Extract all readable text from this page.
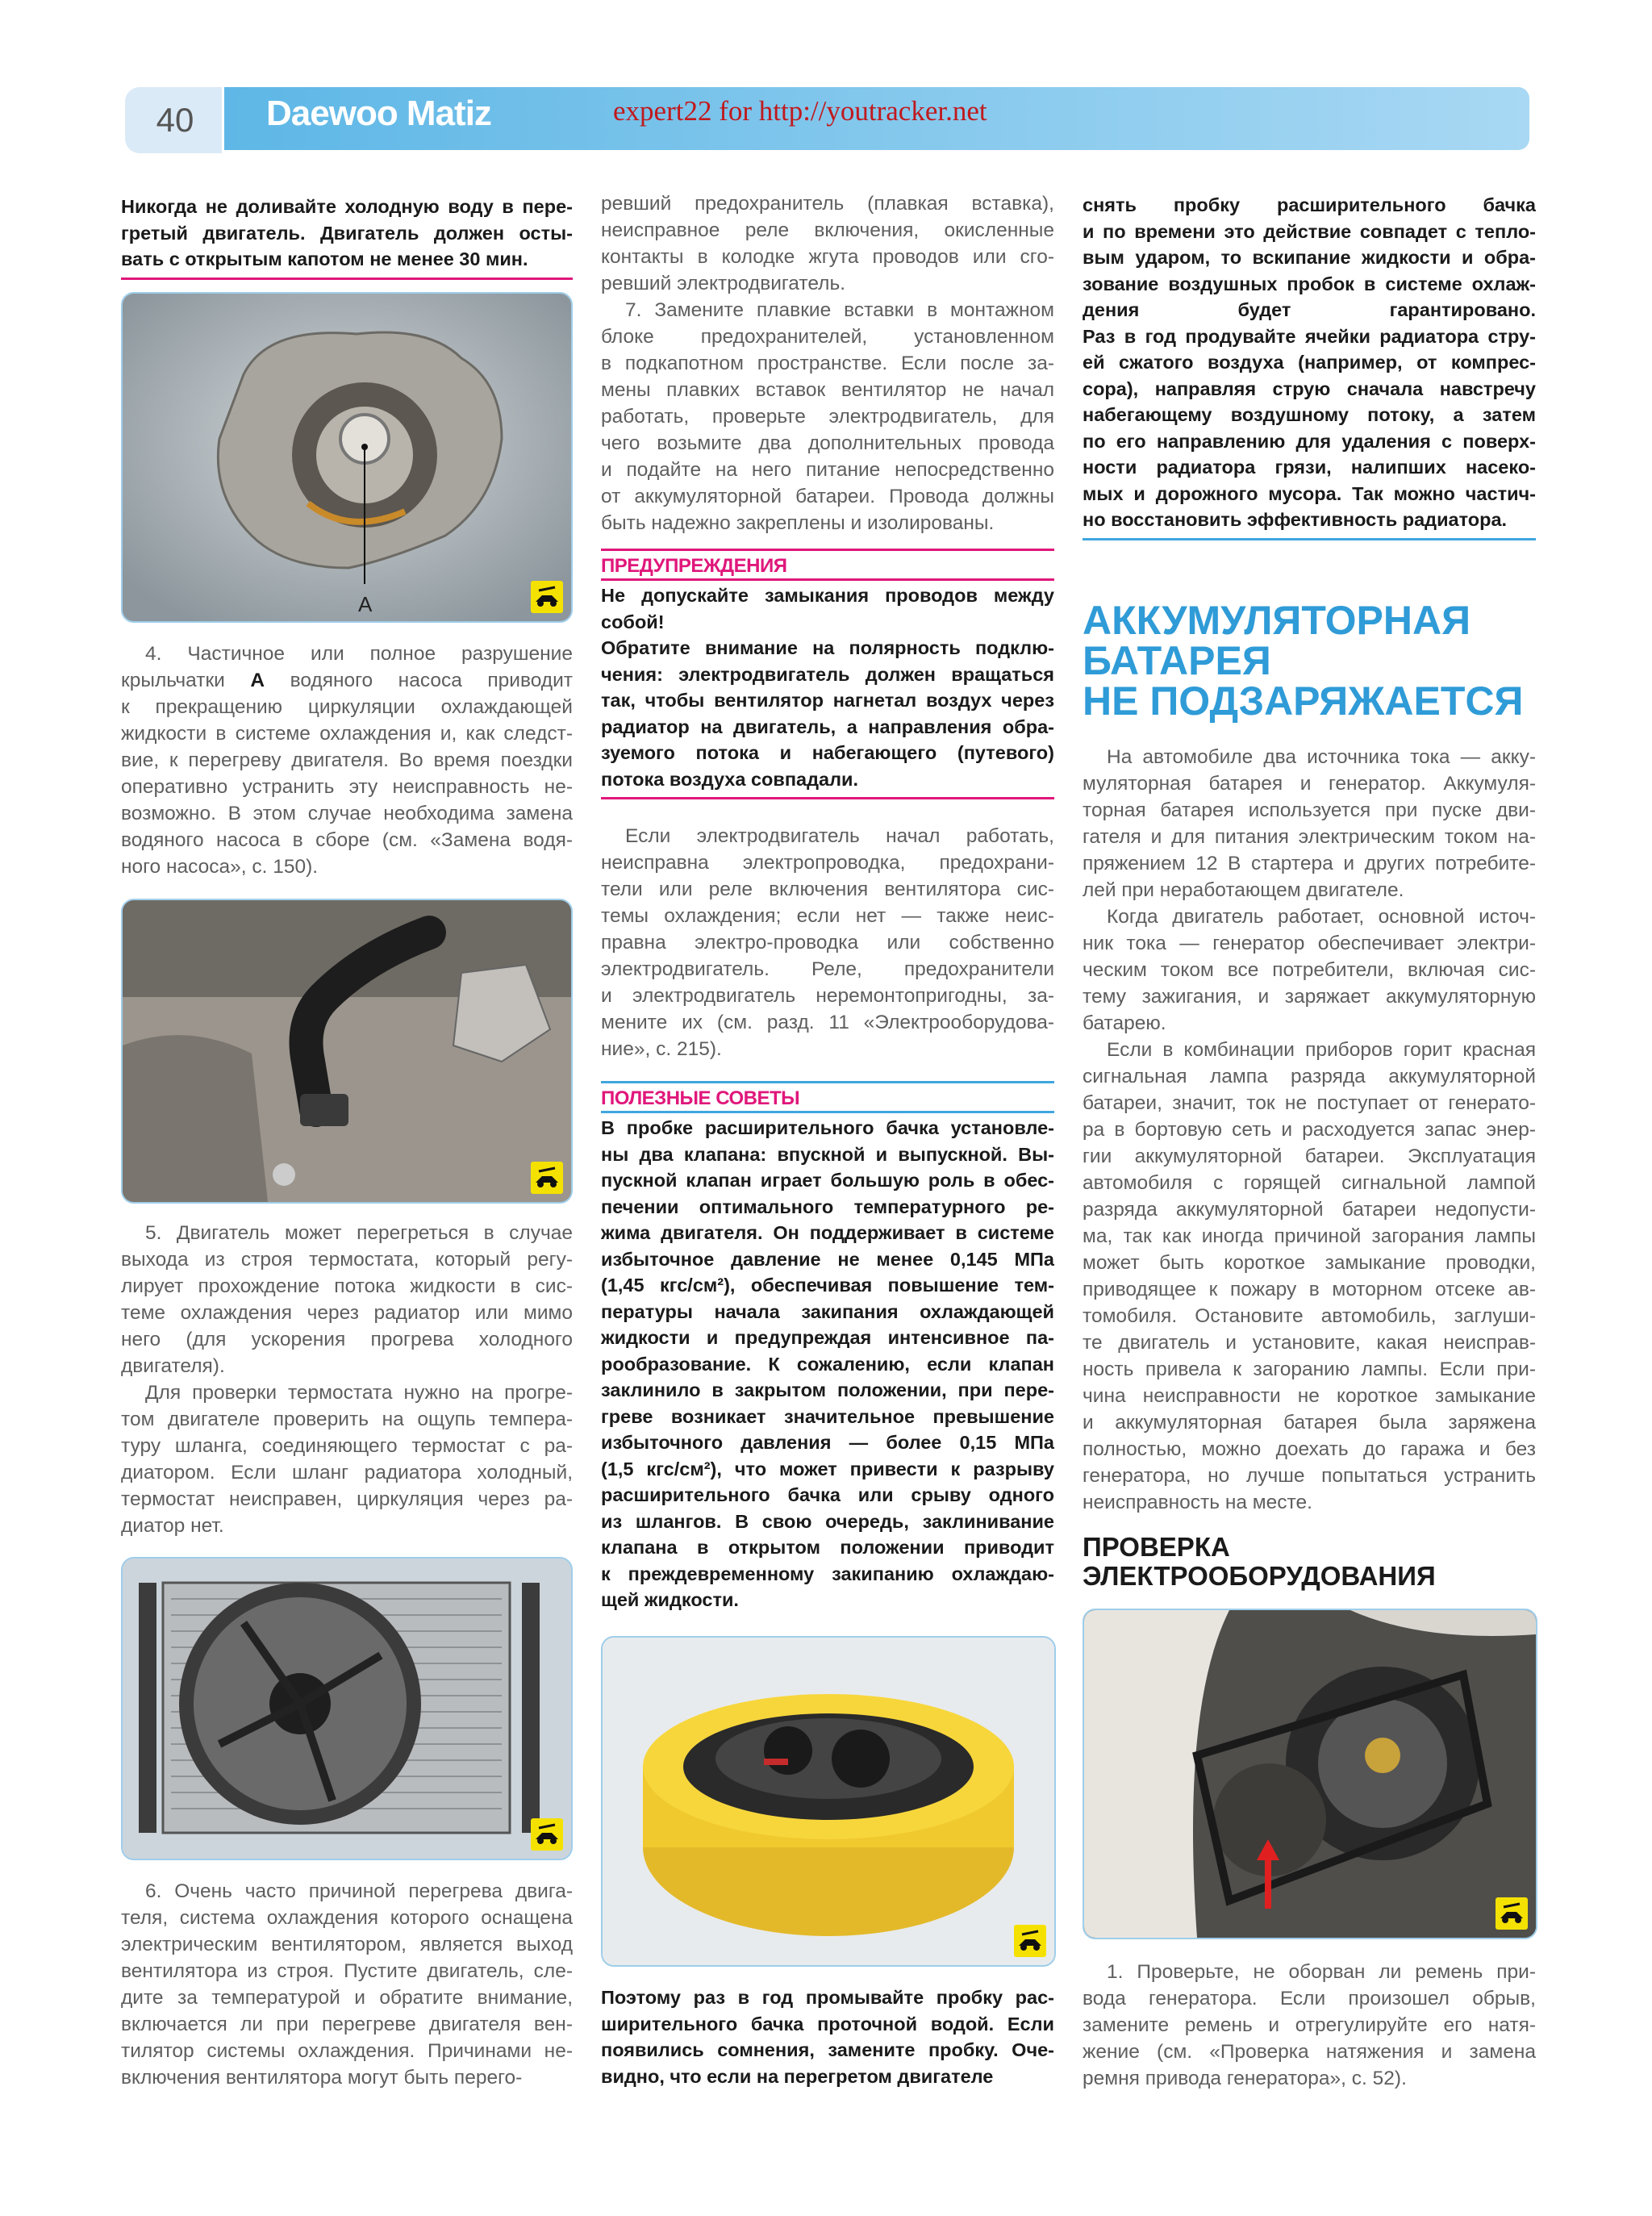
40	Daewoo Matiz	expert22 for http://youtracker.net
Никогда не доливайте холодную воду в пере-
гретый двигатель. Двигатель должен осты-
вать с открытым капотом не менее 30 мин.
A
4. Частичное или полное разрушение
крыльчатки A водяного насоса приводит
к прекращению циркуляции охлаждающей
жидкости в системе охлаждения и, как следст-
вие, к перегреву двигателя. Во время поездки
оперативно устранить эту неисправность не-
возможно. В этом случае необходима замена
водяного насоса в сборе (см. «Замена водя-
ного насоса», с. 150).
5. Двигатель может перегреться в случае
выхода из строя термостата, который регу-
лирует прохождение потока жидкости в сис-
теме охлаждения через радиатор или мимо
него (для ускорения прогрева холодного
двигателя).
Для проверки термостата нужно на прогре-
том двигателе проверить на ощупь темпера-
туру шланга, соединяющего термостат с ра-
диатором. Если шланг радиатора холодный,
термостат неисправен, циркуляция через ра-
диатор нет.
6. Очень часто причиной перегрева двига-
теля, система охлаждения которого оснащена
электрическим вентилятором, является выход
вентилятора из строя. Пустите двигатель, сле-
дите за температурой и обратите внимание,
включается ли при перегреве двигателя вен-
тилятор системы охлаждения. Причинами не-
включения вентилятора могут быть перего-
ревший предохранитель (плавкая вставка),
неисправное реле включения, окисленные
контакты в колодке жгута проводов или сго-
ревший электродвигатель.
7. Замените плавкие вставки в монтажном
блоке предохранителей, установленном
в подкапотном пространстве. Если после за-
мены плавких вставок вентилятор не начал
работать, проверьте электродвигатель, для
чего возьмите два дополнительных провода
и подайте на него питание непосредственно
от аккумуляторной батареи. Провода должны
быть надежно закреплены и изолированы.
ПРЕДУПРЕЖДЕНИЯ
Не допускайте замыкания проводов между
собой!
Обратите внимание на полярность подклю-
чения: электродвигатель должен вращаться
так, чтобы вентилятор нагнетал воздух через
радиатор на двигатель, а направления обра-
зуемого потока и набегающего (путевого)
потока воздуха совпадали.
Если электродвигатель начал работать,
неисправна электропроводка, предохрани-
тели или реле включения вентилятора сис-
темы охлаждения; если нет — также неис-
правна электро-проводка или собственно
электродвигатель. Реле, предохранители
и электродвигатель неремонтопригодны, за-
мените их (см. разд. 11 «Электрооборудова-
ние», с. 215).
ПОЛЕЗНЫЕ СОВЕТЫ
В пробке расширительного бачка установле-
ны два клапана: впускной и выпускной. Вы-
пускной клапан играет большую роль в обес-
печении оптимального температурного ре-
жима двигателя. Он поддерживает в системе
избыточное давление не менее 0,145 МПа
(1,45 кгс/см²), обеспечивая повышение тем-
пературы начала закипания охлаждающей
жидкости и предупреждая интенсивное па-
рообразование. К сожалению, если клапан
заклинило в закрытом положении, при пере-
греве возникает значительное превышение
избыточного давления — более 0,15 МПа
(1,5 кгс/см²), что может привести к разрыву
расширительного бачка или срыву одного
из шлангов. В свою очередь, заклинивание
клапана в открытом положении приводит
к преждевременному закипанию охлаждаю-
щей жидкости.
Поэтому раз в год промывайте пробку рас-
ширительного бачка проточной водой. Если
появились сомнения, замените пробку. Оче-
видно, что если на перегретом двигателе
снять пробку расширительного бачка
и по времени это действие совпадет с тепло-
вым ударом, то вскипание жидкости и обра-
зование воздушных пробок в системе охлаж-
дения будет гарантировано.
Раз в год продувайте ячейки радиатора стру-
ей сжатого воздуха (например, от компрес-
сора), направляя струю сначала навстречу
набегающему воздушному потоку, а затем
по его направлению для удаления с поверх-
ности радиатора грязи, налипших насеко-
мых и дорожного мусора. Так можно частич-
но восстановить эффективность радиатора.
АККУМУЛЯТОРНАЯ
БАТАРЕЯ
НЕ ПОДЗАРЯЖАЕТСЯ
На автомобиле два источника тока — акку-
муляторная батарея и генератор. Аккумуля-
торная батарея используется при пуске дви-
гателя и для питания электрическим током на-
пряжением 12 В стартера и других потребите-
лей при неработающем двигателе.
Когда двигатель работает, основной источ-
ник тока — генератор обеспечивает электри-
ческим током все потребители, включая сис-
тему зажигания, и заряжает аккумуляторную
батарею.
Если в комбинации приборов горит красная
сигнальная лампа разряда аккумуляторной
батареи, значит, ток не поступает от генерато-
ра в бортовую сеть и расходуется запас энер-
гии аккумуляторной батареи. Эксплуатация
автомобиля с горящей сигнальной лампой
разряда аккумуляторной батареи недопусти-
ма, так как иногда причиной загорания лампы
может быть короткое замыкание проводки,
приводящее к пожару в моторном отсеке ав-
томобиля. Остановите автомобиль, заглуши-
те двигатель и установите, какая неисправ-
ность привела к загоранию лампы. Если при-
чина неисправности не короткое замыкание
и аккумуляторная батарея была заряжена
полностью, можно доехать до гаража и без
генератора, но лучше попытаться устранить
неисправность на месте.
ПРОВЕРКА
ЭЛЕКТРООБОРУДОВАНИЯ
1. Проверьте, не оборван ли ремень при-
вода генератора. Если произошел обрыв,
замените ремень и отрегулируйте его натя-
жение (см. «Проверка натяжения и замена
ремня привода генератора», с. 52).
